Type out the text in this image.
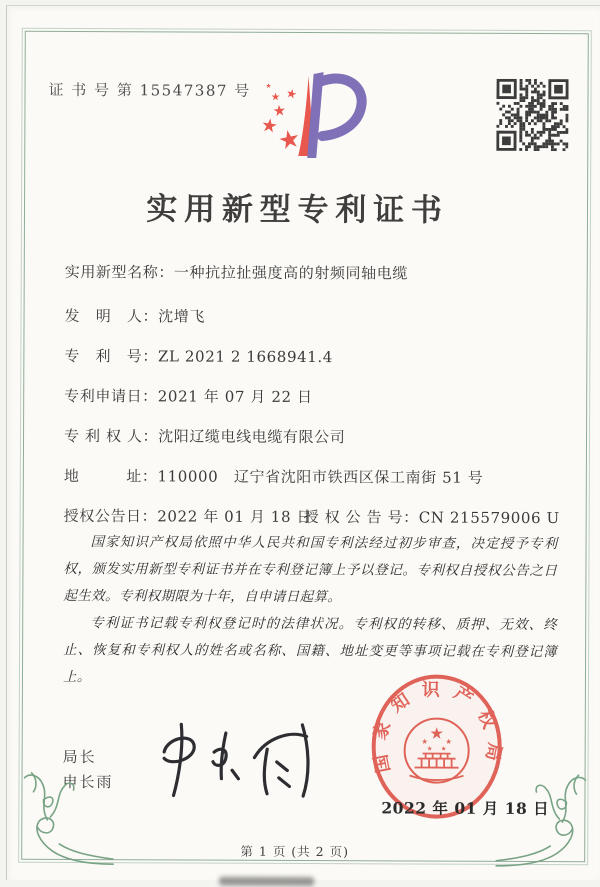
证 书 号 第 15547387 号
实用新型专利证书
实用新型名称：一种抗拉扯强度高的射频同轴电缆
发　明　人：沈增飞
专　利　号：ZL 2021 2 1668941.4
专利申请日：2021 年 07 月 22 日
专 利 权 人：沈阳辽缆电线电缆有限公司
地　　　址：110000　辽宁省沈阳市铁西区保工南街 51 号
授权公告日：2022 年 01 月 18 日
授 权 公 告 号：CN 215579006 U

国家知识产权局依照中华人民共和国专利法经过初步审查，决定授予专利权，颁发实用新型专利证书并在专利登记簿上予以登记。专利权自授权公告之日起生效。专利权期限为十年，自申请日起算。

专利证书记载专利权登记时的法律状况。专利权的转移、质押、无效、终止、恢复和专利权人的姓名或名称、国籍、地址变更等事项记载在专利登记簿上。

局长
申长雨
国家知识产权局
2022 年 01 月 18 日
第 1 页 (共 2 页)
